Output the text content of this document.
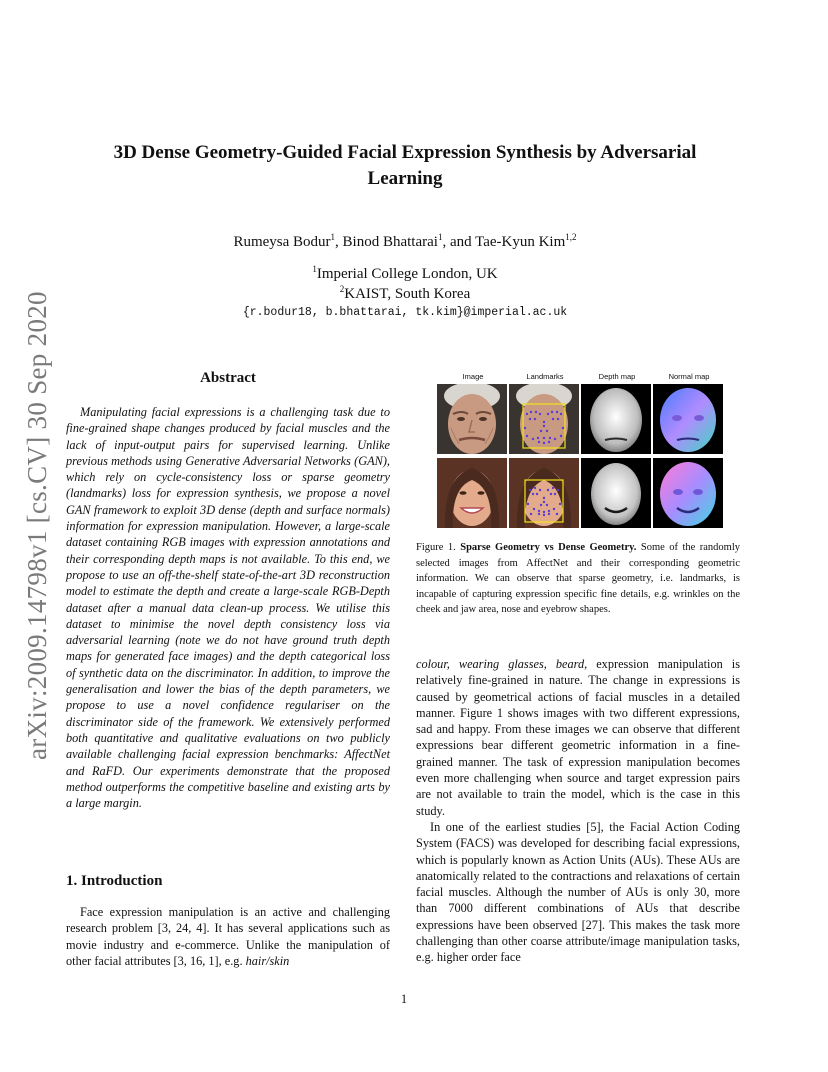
arXiv:2009.14798v1 [cs.CV] 30 Sep 2020
3D Dense Geometry-Guided Facial Expression Synthesis by Adversarial Learning
Rumeysa Bodur$^1$, Binod Bhattarai$^1$, and Tae-Kyun Kim$^{1,2}$
$^1$Imperial College London, UK
$^2$KAIST, South Korea
{r.bodur18, b.bhattarai, tk.kim}@imperial.ac.uk
Abstract
Manipulating facial expressions is a challenging task due to fine-grained shape changes produced by facial muscles and the lack of input-output pairs for supervised learning. Unlike previous methods using Generative Adversarial Networks (GAN), which rely on cycle-consistency loss or sparse geometry (landmarks) loss for expression synthesis, we propose a novel GAN framework to exploit 3D dense (depth and surface normals) information for expression manipulation. However, a large-scale dataset containing RGB images with expression annotations and their corresponding depth maps is not available. To this end, we propose to use an off-the-shelf state-of-the-art 3D reconstruction model to estimate the depth and create a large-scale RGB-Depth dataset after a manual data clean-up process. We utilise this dataset to minimise the novel depth consistency loss via adversarial learning (note we do not have ground truth depth maps for generated face images) and the depth categorical loss of synthetic data on the discriminator. In addition, to improve the generalisation and lower the bias of the depth parameters, we propose to use a novel confidence regulariser on the discriminator side of the framework. We extensively performed both quantitative and qualitative evaluations on two publicly available challenging facial expression benchmarks: AffectNet and RaFD. Our experiments demonstrate that the proposed method outperforms the competitive baseline and existing arts by a large margin.
1. Introduction
Face expression manipulation is an active and challenging research problem [3, 24, 4]. It has several applications such as movie industry and e-commerce. Unlike the manipulation of other facial attributes [3, 16, 1], e.g. hair/skin
Image	Landmarks	Depth map	Normal map
Figure 1. Sparse Geometry vs Dense Geometry. Some of the randomly selected images from AffectNet and their corresponding geometric information. We can observe that sparse geometry, i.e. landmarks, is incapable of capturing expression specific fine details, e.g. wrinkles on the cheek and jaw area, nose and eyebrow shapes.

colour, wearing glasses, beard, expression manipulation is relatively fine-grained in nature. The change in expressions is caused by geometrical actions of facial muscles in a detailed manner. Figure 1 shows images with two different expressions, sad and happy. From these images we can observe that different expressions bear different geometric information in a fine-grained manner. The task of expression manipulation becomes even more challenging when source and target expression pairs are not available to train the model, which is the case in this study.

In one of the earliest studies [5], the Facial Action Coding System (FACS) was developed for describing facial expressions, which is popularly known as Action Units (AUs). These AUs are anatomically related to the contractions and relaxations of certain facial muscles. Although the number of AUs is only 30, more than 7000 different combinations of AUs that describe expressions have been observed [27]. This makes the task more challenging than other coarse attribute/image manipulation tasks, e.g. higher order face

1
